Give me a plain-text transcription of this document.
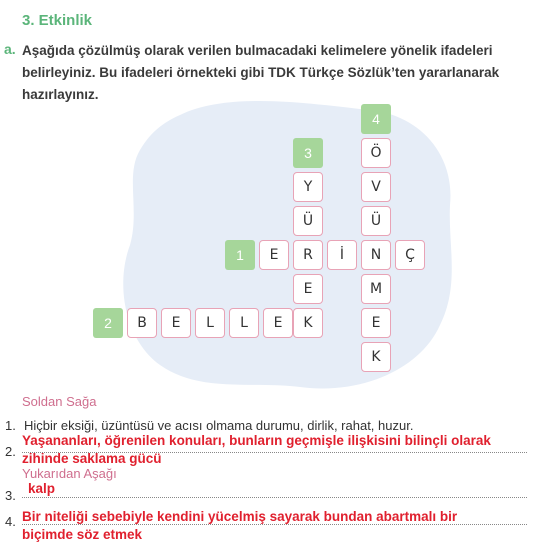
3. Etkinlik
a. Aşağıda çözülmüş olarak verilen bulmacadaki kelimelere yönelik ifadeleri belirleyiniz. Bu ifadeleri örnekteki gibi TDK Türkçe Sözlük’ten yararlanarak hazırlayınız.
1
2
3
4
E	R	İ	N	Ç
B	E	L	L	E	K
Y
Ü
E
Ö
V
Ü
M
E
K
Soldan Sağa
1. Hiçbir eksiği, üzüntüsü ve acısı olmama durumu, dirlik, rahat, huzur.
2.
Yaşananları, öğrenilen konuları, bunların geçmişle ilişkisini bilinçli olarak zihinde saklama gücü
Yukarıdan Aşağı
3. kalp
4. Bir niteliği sebebiyle kendini yücelmiş sayarak bundan abartmalı bir biçimde söz etmek
